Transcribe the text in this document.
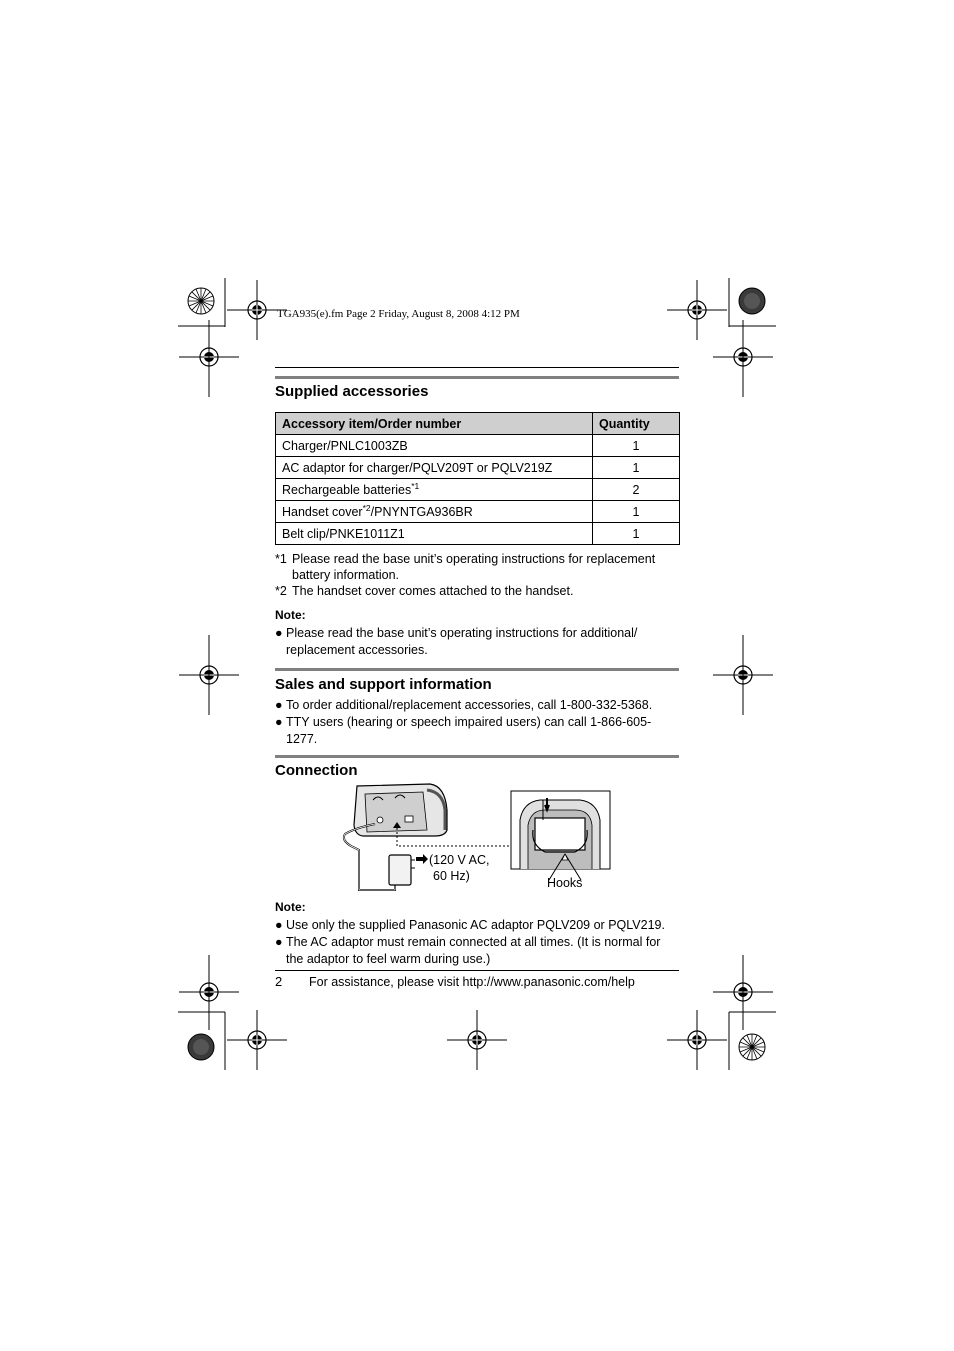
TGA935(e).fm Page 2 Friday, August 8, 2008 4:12 PM
Supplied accessories
Accessory item/Order number	Quantity
Charger/PNLC1003ZB	1
AC adaptor for charger/PQLV209T or PQLV219Z	1
Rechargeable batteries$^{*1}$	2
Handset cover$^{*2}$/PNYNTGA936BR	1
Belt clip/PNKE1011Z1	1
*1 Please read the base unit’s operating instructions for replacement battery information.
*2 The handset cover comes attached to the handset.
Note:
● Please read the base unit’s operating instructions for additional/ replacement accessories.
Sales and support information
● To order additional/replacement accessories, call 1-800-332-5368.
● TTY users (hearing or speech impaired users) can call 1-866-605-1277.
Connection
(120 V AC,
60 Hz)	Hooks
Note:
● Use only the supplied Panasonic AC adaptor PQLV209 or PQLV219.
● The AC adaptor must remain connected at all times. (It is normal for the adaptor to feel warm during use.)
2 For assistance, please visit http://www.panasonic.com/help
